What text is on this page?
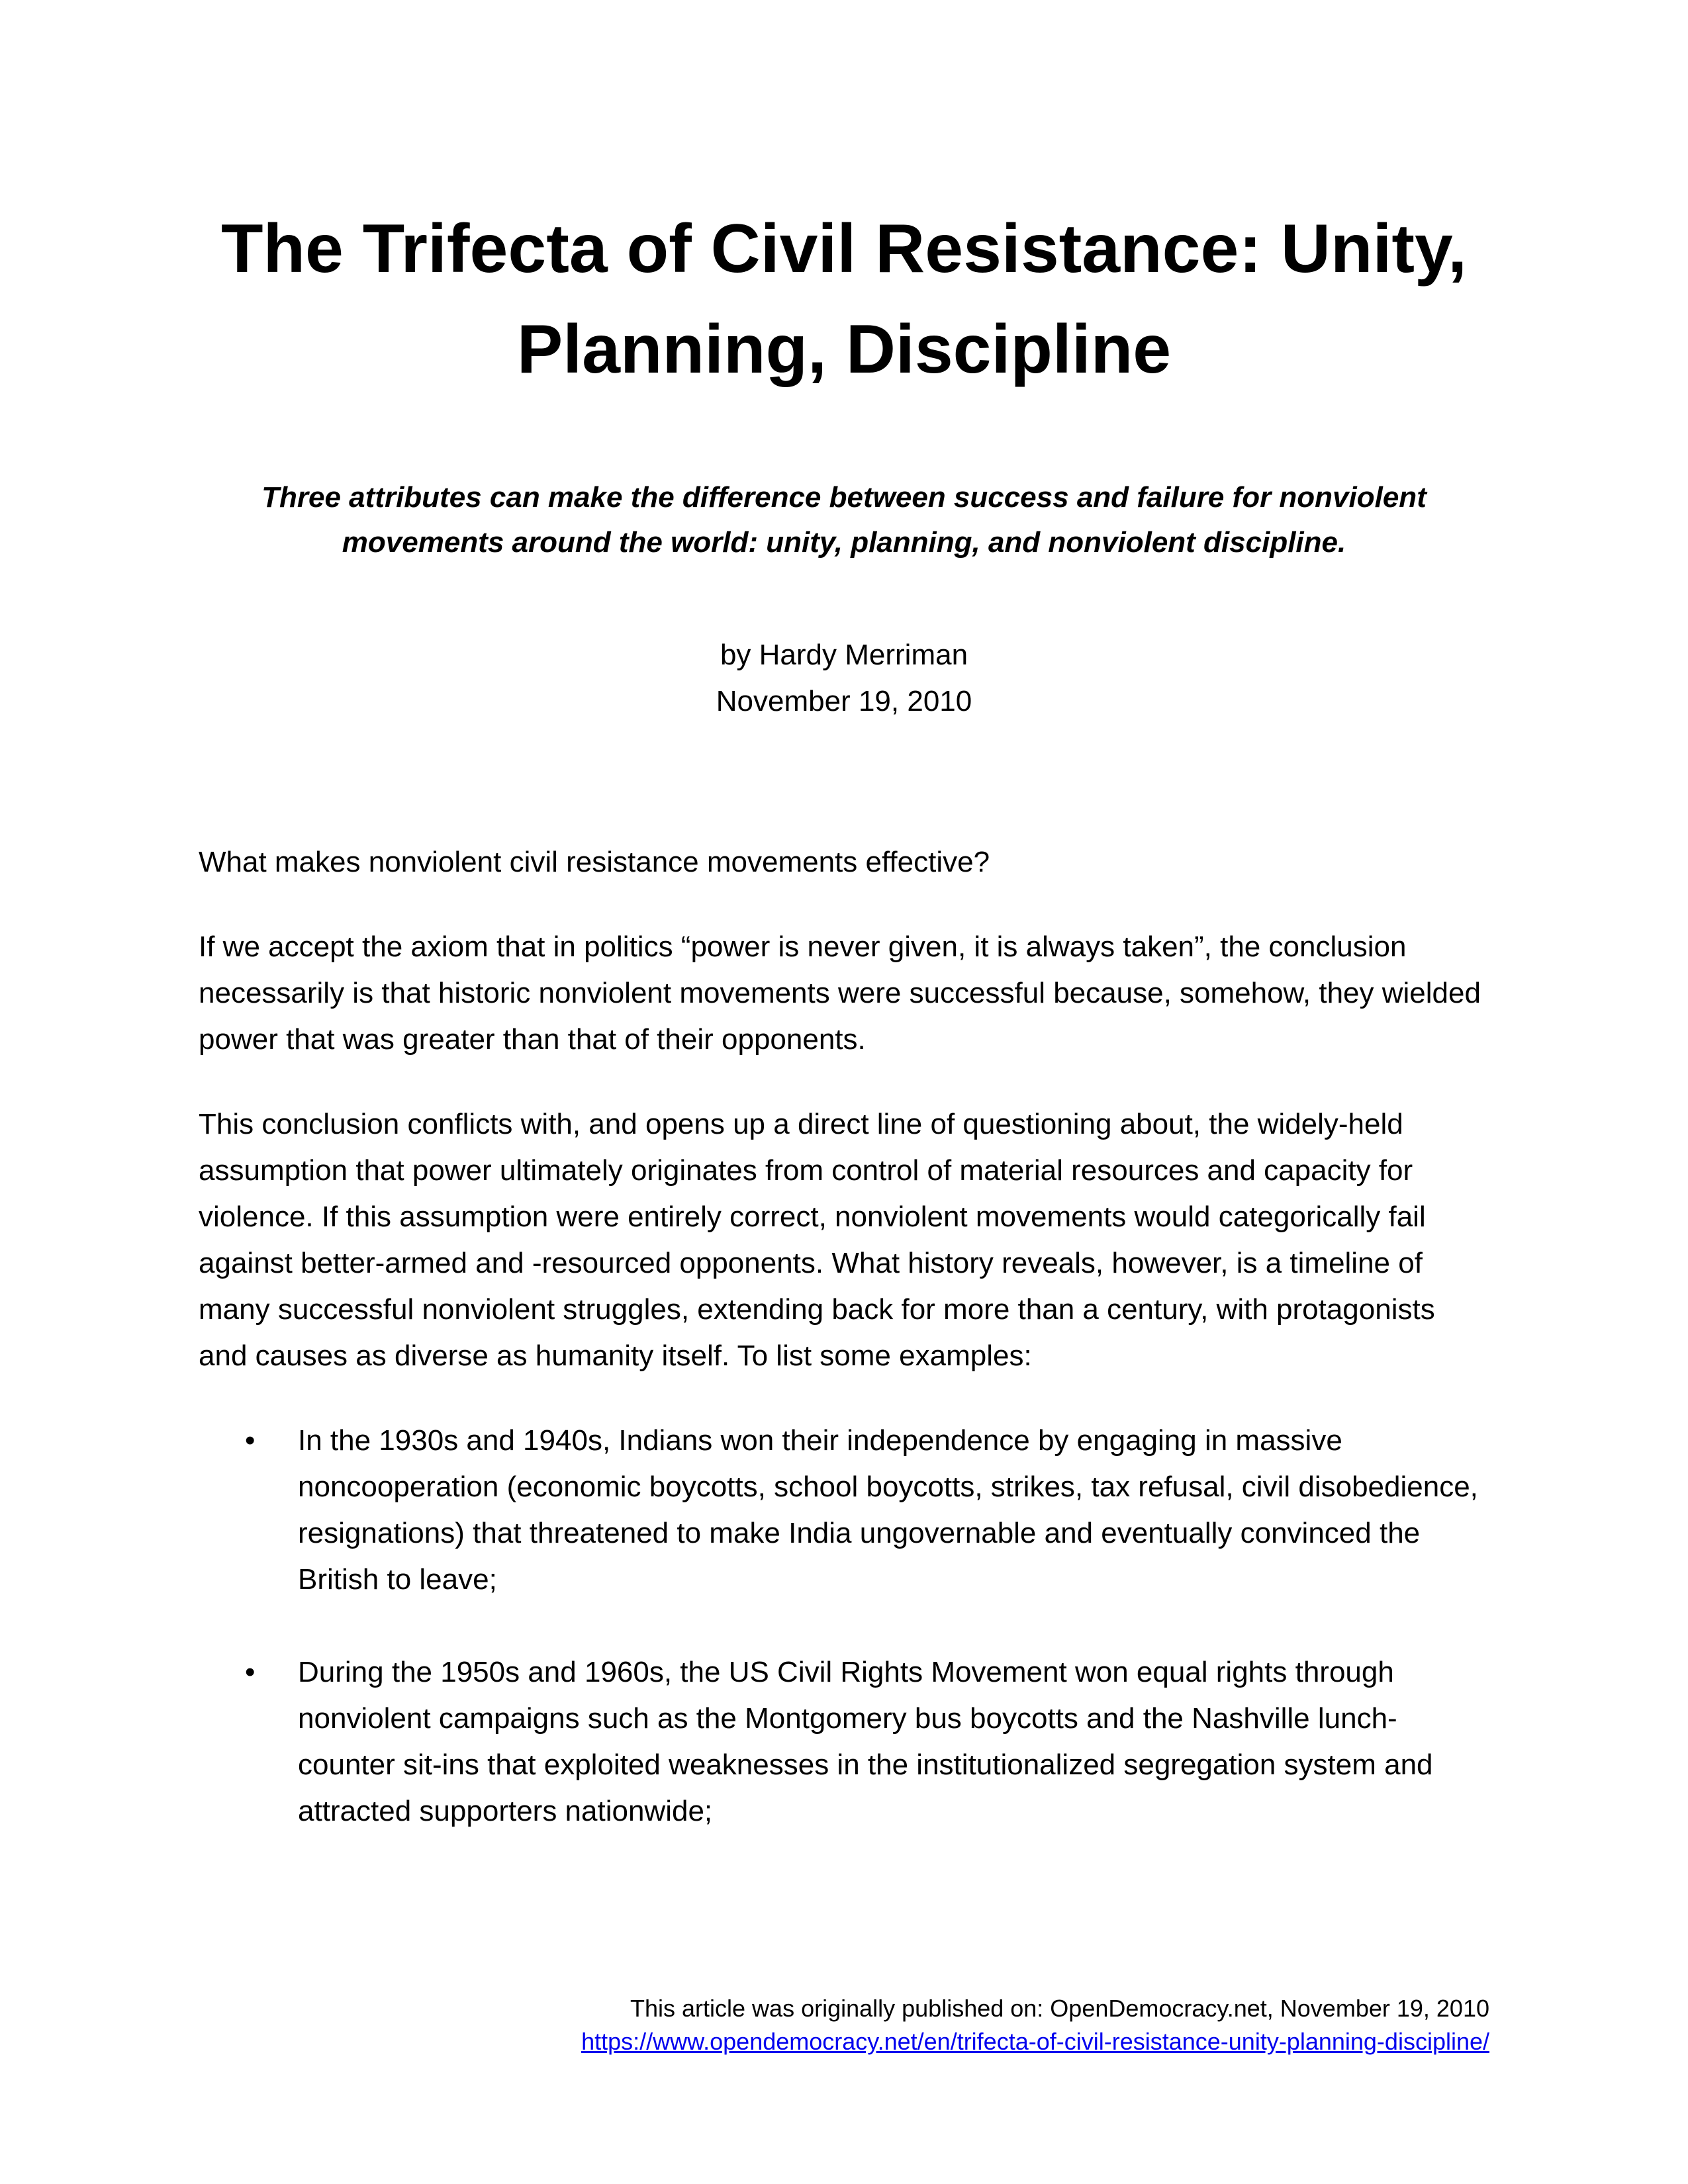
The Trifecta of Civil Resistance: Unity, Planning, Discipline

Three attributes can make the difference between success and failure for nonviolent movements around the world: unity, planning, and nonviolent discipline.

by Hardy Merriman
November 19, 2010

What makes nonviolent civil resistance movements effective?

If we accept the axiom that in politics “power is never given, it is always taken”, the conclusion necessarily is that historic nonviolent movements were successful because, somehow, they wielded power that was greater than that of their opponents.

This conclusion conflicts with, and opens up a direct line of questioning about, the widely-held assumption that power ultimately originates from control of material resources and capacity for violence. If this assumption were entirely correct, nonviolent movements would categorically fail against better-armed and -resourced opponents. What history reveals, however, is a timeline of many successful nonviolent struggles, extending back for more than a century, with protagonists and causes as diverse as humanity itself. To list some examples:

• In the 1930s and 1940s, Indians won their independence by engaging in massive noncooperation (economic boycotts, school boycotts, strikes, tax refusal, civil disobedience, resignations) that threatened to make India ungovernable and eventually convinced the British to leave;
• During the 1950s and 1960s, the US Civil Rights Movement won equal rights through nonviolent campaigns such as the Montgomery bus boycotts and the Nashville lunch-counter sit-ins that exploited weaknesses in the institutionalized segregation system and attracted supporters nationwide;
This article was originally published on: OpenDemocracy.net, November 19, 2010
https://www.opendemocracy.net/en/trifecta-of-civil-resistance-unity-planning-discipline/
